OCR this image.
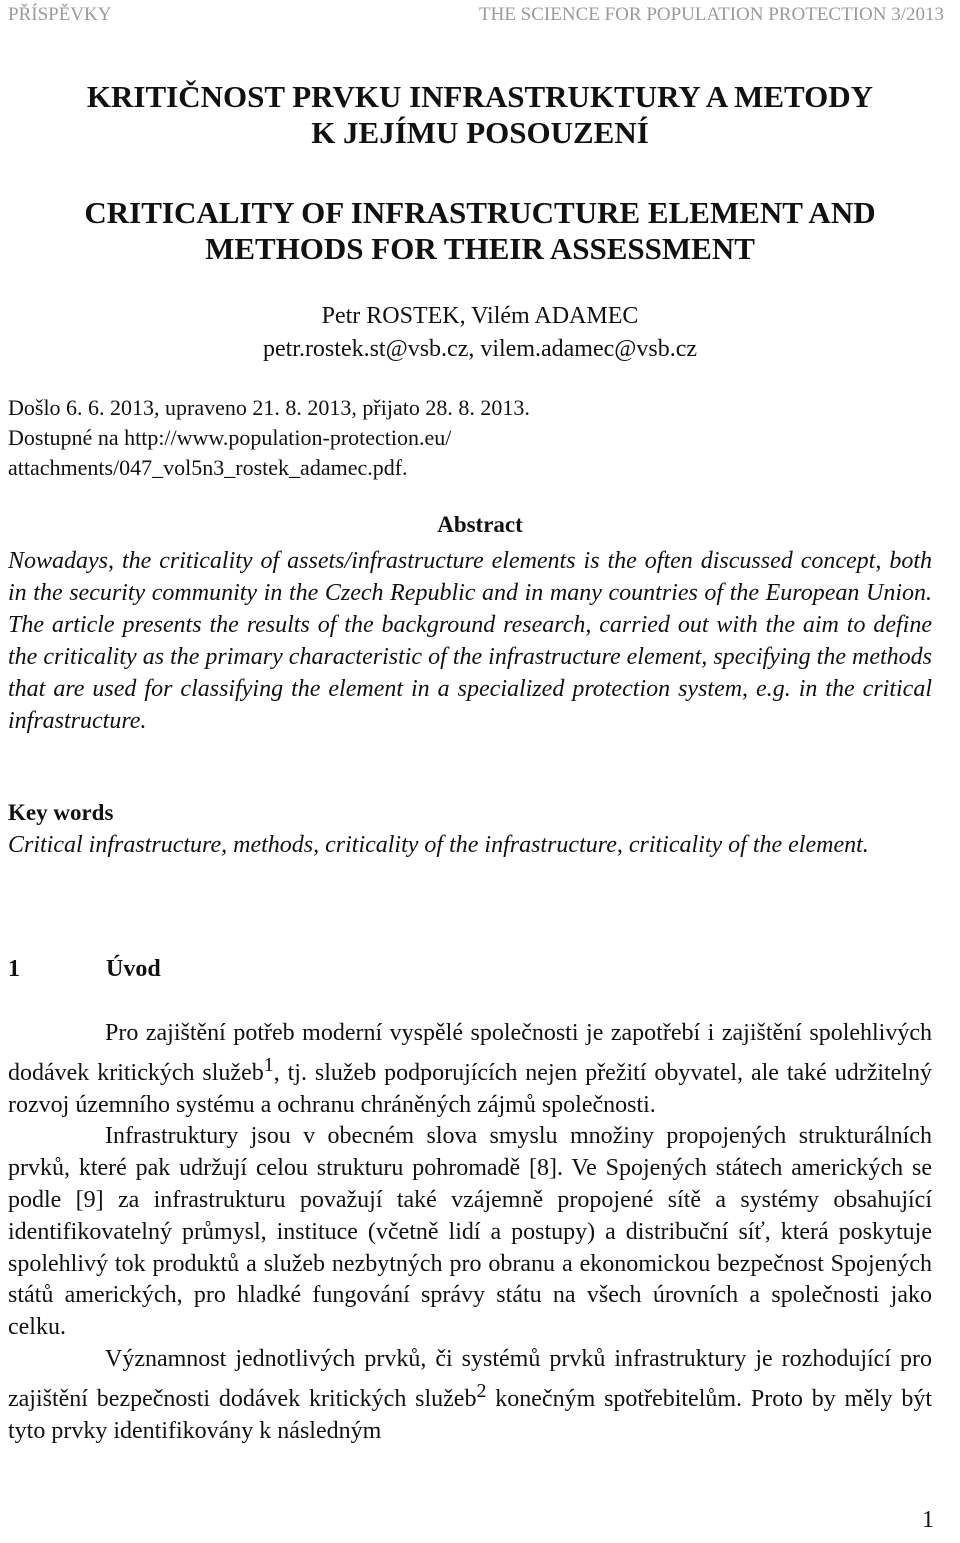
PŘÍSPĚVKY	THE SCIENCE FOR POPULATION PROTECTION 3/2013
KRITIČNOST PRVKU INFRASTRUKTURY A METODY
K JEJÍMU POSOUZENÍ
CRITICALITY OF INFRASTRUCTURE ELEMENT AND
METHODS FOR THEIR ASSESSMENT
Petr ROSTEK, Vilém ADAMEC
petr.rostek.st@vsb.cz, vilem.adamec@vsb.cz
Došlo 6. 6. 2013, upraveno 21. 8. 2013, přijato 28. 8. 2013.
Dostupné na http://www.population-protection.eu/
attachments/047_vol5n3_rostek_adamec.pdf.
Abstract
Nowadays, the criticality of assets/infrastructure elements is the often discussed concept, both in the security community in the Czech Republic and in many countries of the European Union. The article presents the results of the background research, carried out with the aim to define the criticality as the primary characteristic of the infrastructure element, specifying the methods that are used for classifying the element in a specialized protection system, e.g. in the critical infrastructure.
Key words
Critical infrastructure, methods, criticality of the infrastructure, criticality of the element.
1	Úvod

Pro zajištění potřeb moderní vyspělé společnosti je zapotřebí i zajištění spolehlivých dodávek kritických služeb$^1$, tj. služeb podporujících nejen přežití obyvatel, ale také udržitelný rozvoj územního systému a ochranu chráněných zájmů společnosti.

Infrastruktury jsou v obecném slova smyslu množiny propojených strukturálních prvků, které pak udržují celou strukturu pohromadě [8]. Ve Spojených státech amerických se podle [9] za infrastrukturu považují také vzájemně propojené sítě a systémy obsahující identifikovatelný průmysl, instituce (včetně lidí a postupy) a distribuční síť, která poskytuje spolehlivý tok produktů a služeb nezbytných pro obranu a ekonomickou bezpečnost Spojených států amerických, pro hladké fungování správy státu na všech úrovních a společnosti jako celku.

Významnost jednotlivých prvků, či systémů prvků infrastruktury je rozhodující pro zajištění bezpečnosti dodávek kritických služeb$^2$ konečným spotřebitelům. Proto by měly být tyto prvky identifikovány k následným

1
